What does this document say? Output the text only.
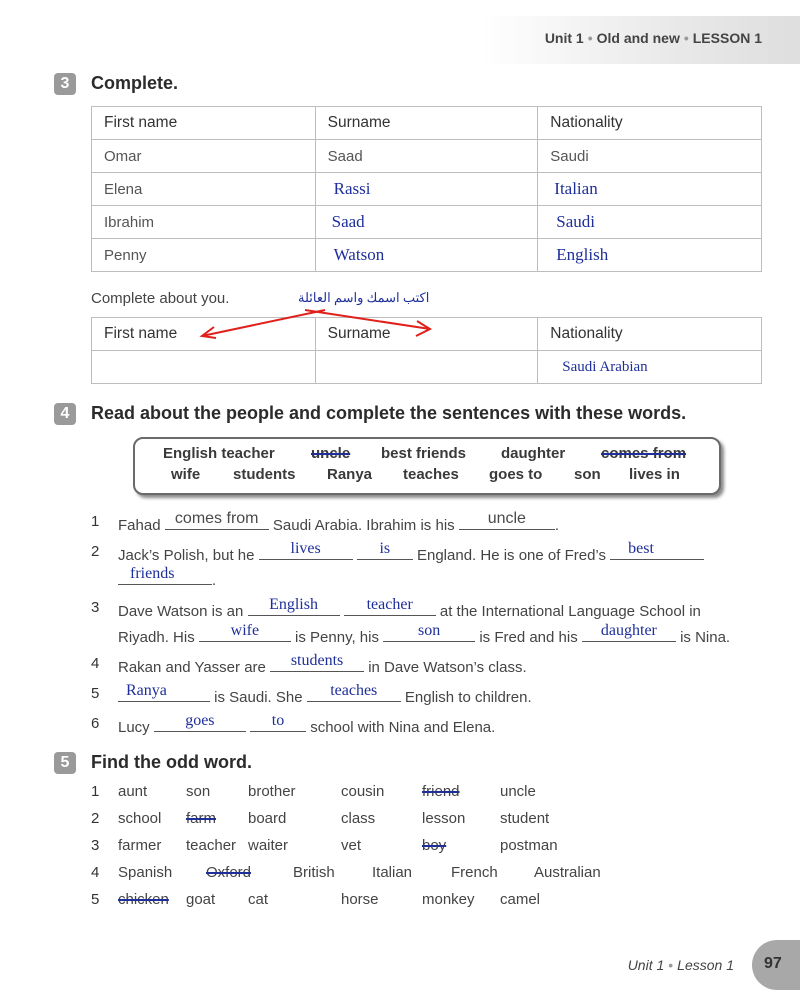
Unit 1 • Old and new • LESSON 1
3	Complete.
First name	Surname	Nationality
Omar	Saad	Saudi
Elena	Rassi	Italian
Ibrahim	Saad	Saudi
Penny	Watson	English
Complete about you.	اكتب اسمك واسم العائلة
First name	Surname	Nationality
		Saudi Arabian
4	Read about the people and complete the sentences with these words.
English teacher uncle best friends daughter comes from
wife students Ranya teaches goes to son lives in
1 Fahad comes from Saudi Arabia. Ibrahim is his	uncle	.
2 Jack’s Polish, but he	lives
	is	England. He is one of Fred’s	best
friends	.
3 Dave Watson is an	English
	teacher	at the International Language School in
Riyadh. His	wife	is Penny, his	son	is Fred and his	daughter	is Nina.
4 Rakan and Yasser are	students	in Dave Watson’s class.
5	Ranya	is Saudi. She	teaches	English to children.
6 Lucy	goes
	to	school with Nina and Elena.
5	Find the odd word.
1 aunt	son	brother	cousin	friend	uncle
2 school farm board	class	lesson student
3 farmer teacher waiter	vet	boy	postman
4 Spanish Oxford	British Italian	French Australian
5 chicken goat cat	horse	monkey camel
Unit 1 • Lesson 1 97
